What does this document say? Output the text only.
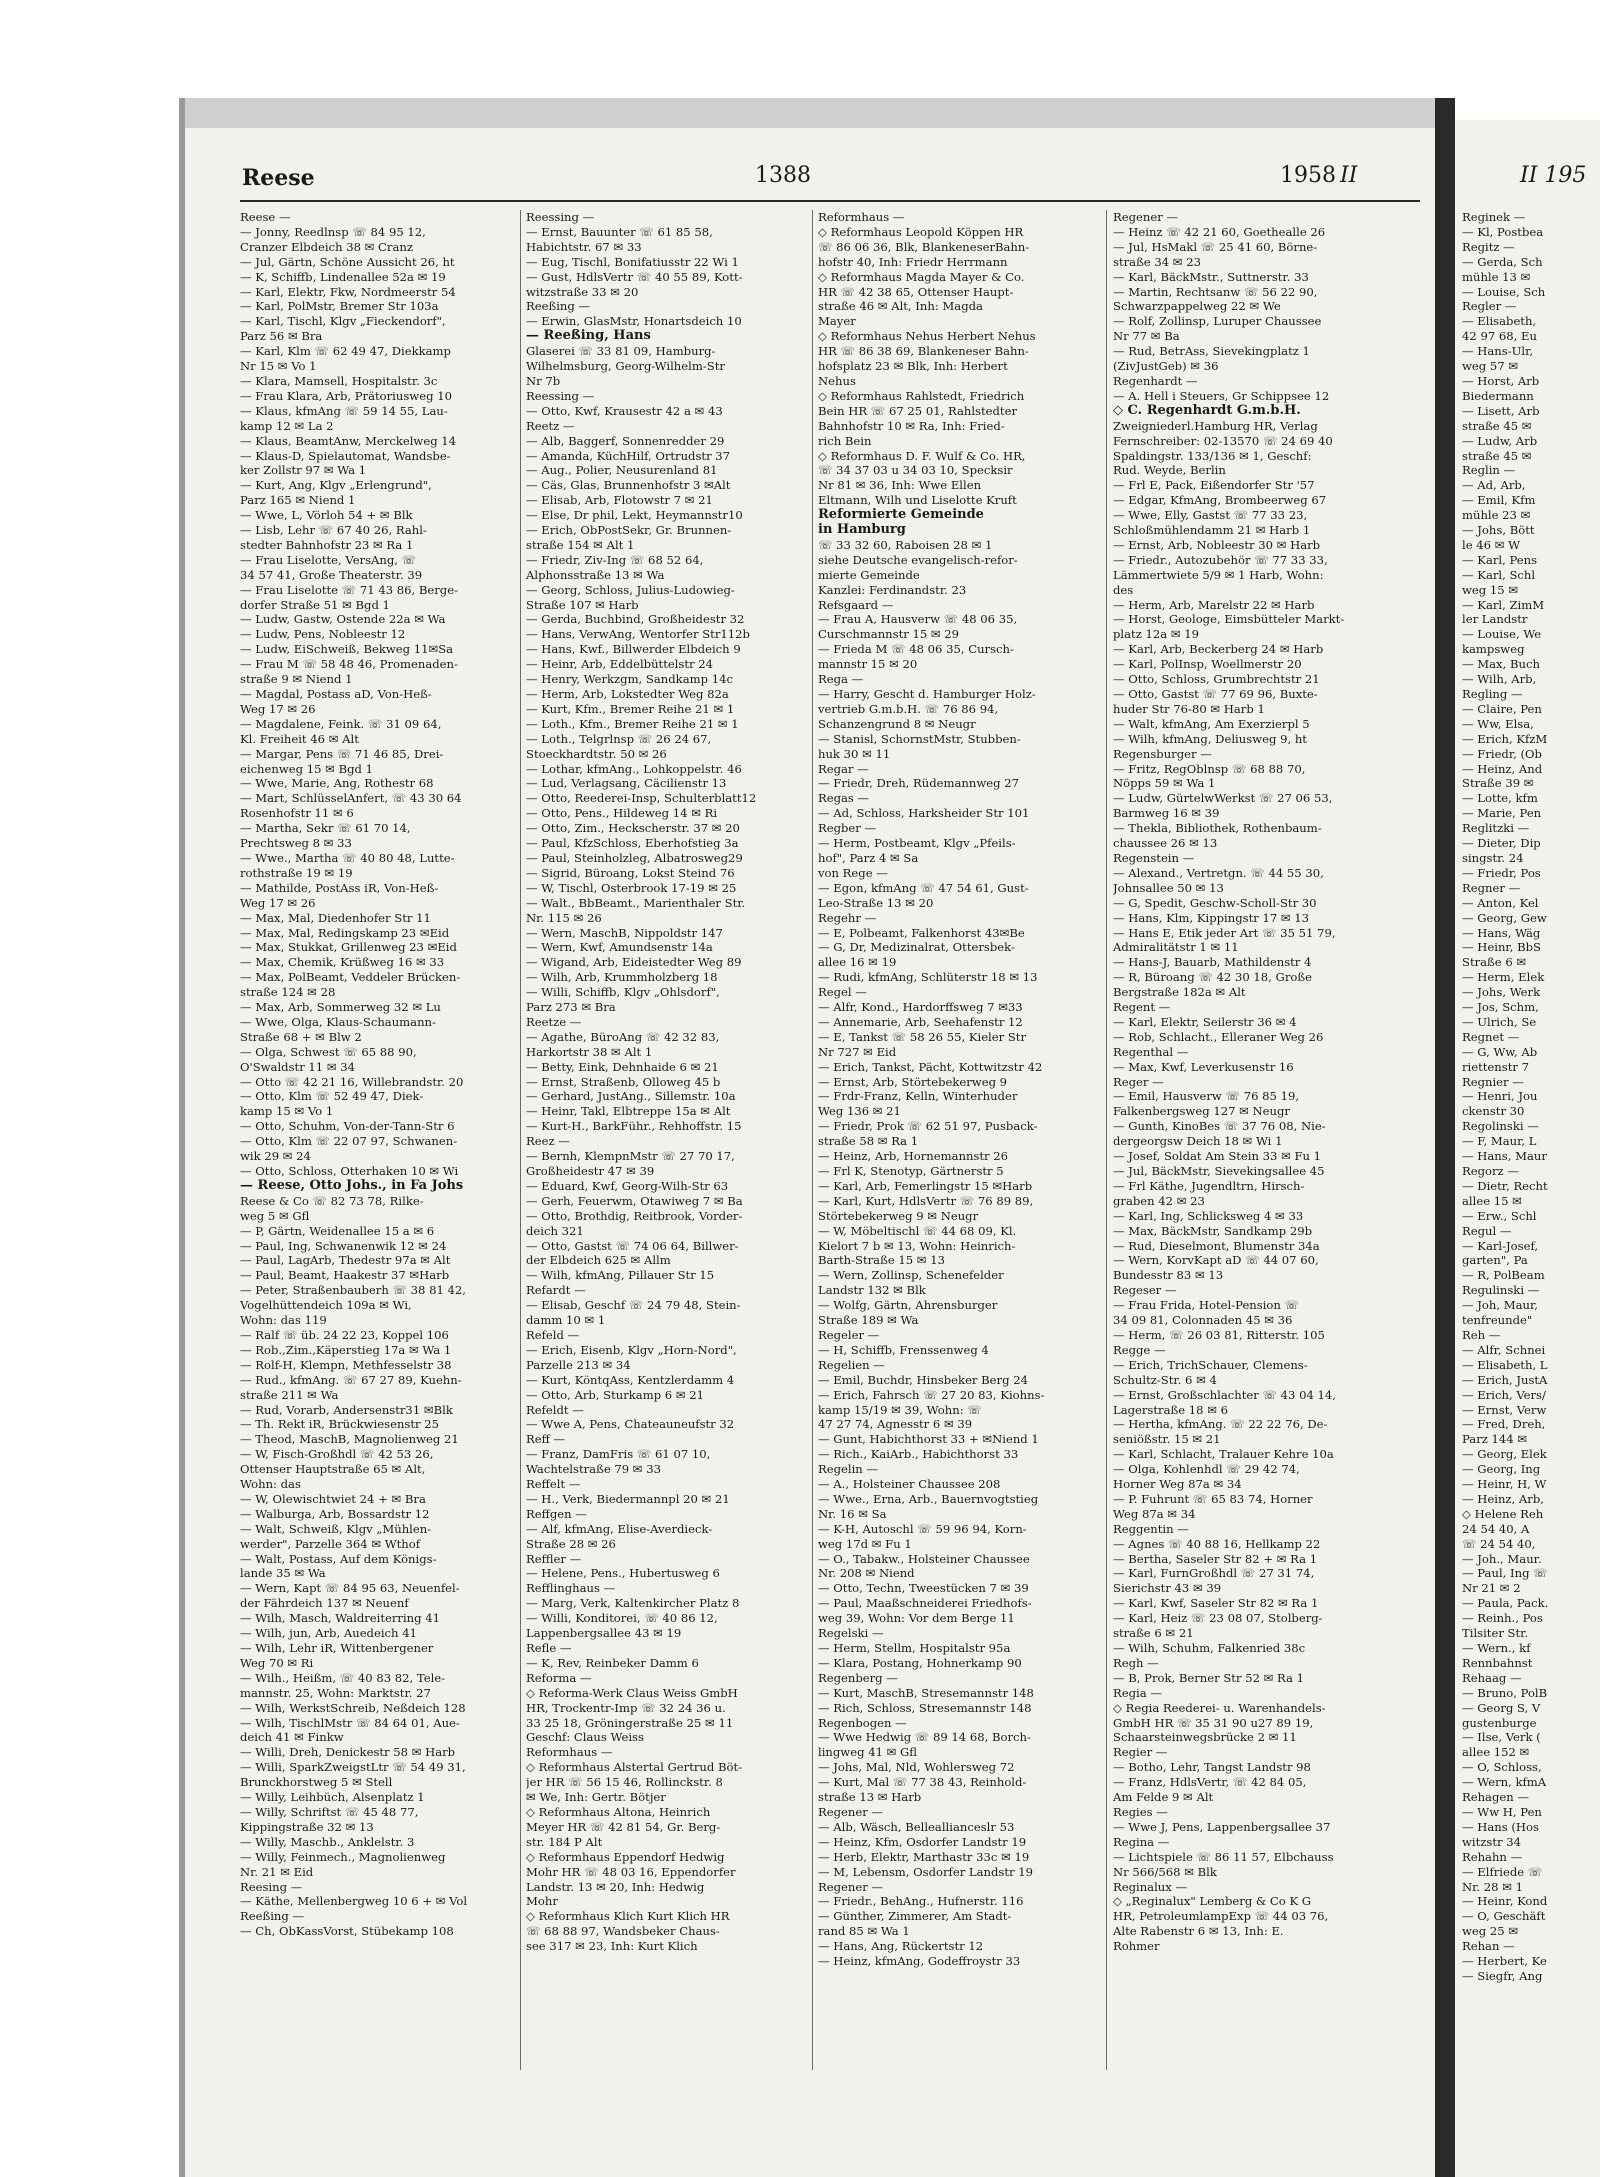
Reese	1388	1958 II	II 195
Reese —
— Jonny, Reedlnsp ☏ 84 95 12,
Cranzer Elbdeich 38 ✉ Cranz
— Jul, Gärtn, Schöne Aussicht 26, ht
— K, Schiffb, Lindenallee 52a ✉ 19
— Karl, Elektr, Fkw, Nordmeerstr 54
— Karl, PolMstr, Bremer Str 103a
— Karl, Tischl, Klgv „Fieckendorf",
Parz 56 ✉ Bra
— Karl, Klm ☏ 62 49 47, Diekkamp
Nr 15 ✉ Vo 1
— Klara, Mamsell, Hospitalstr. 3c
— Frau Klara, Arb, Prätoriusweg 10
— Klaus, kfmAng ☏ 59 14 55, Lau-
kamp 12 ✉ La 2
— Klaus, BeamtAnw, Merckelweg 14
— Klaus-D, Spielautomat, Wandsbe-
ker Zollstr 97 ✉ Wa 1
— Kurt, Ang, Klgv „Erlengrund",
Parz 165 ✉ Niend 1
— Wwe, L, Vörloh 54 + ✉ Blk
— Lisb, Lehr ☏ 67 40 26, Rahl-
stedter Bahnhofstr 23 ✉ Ra 1
— Frau Liselotte, VersAng, ☏
34 57 41, Große Theaterstr. 39
— Frau Liselotte ☏ 71 43 86, Berge-
dorfer Straße 51 ✉ Bgd 1
— Ludw, Gastw, Ostende 22a ✉ Wa
— Ludw, Pens, Nobleestr 12
— Ludw, EiSchweiß, Bekweg 11✉Sa
— Frau M ☏ 58 48 46, Promenaden-
straße 9 ✉ Niend 1
— Magdal, Postass aD, Von-Heß-
Weg 17 ✉ 26
— Magdalene, Feink. ☏ 31 09 64,
Kl. Freiheit 46 ✉ Alt
— Margar, Pens ☏ 71 46 85, Drei-
eichenweg 15 ✉ Bgd 1
— Wwe, Marie, Ang, Rothestr 68
— Mart, SchlüsselAnfert, ☏ 43 30 64
Rosenhofstr 11 ✉ 6
— Martha, Sekr ☏ 61 70 14,
Prechtsweg 8 ✉ 33
— Wwe., Martha ☏ 40 80 48, Lutte-
rothstraße 19 ✉ 19
— Mathilde, PostAss iR, Von-Heß-
Weg 17 ✉ 26
— Max, Mal, Diedenhofer Str 11
— Max, Mal, Redingskamp 23 ✉Eid
— Max, Stukkat, Grillenweg 23 ✉Eid
— Max, Chemik, Krüßweg 16 ✉ 33
— Max, PolBeamt, Veddeler Brücken-
straße 124 ✉ 28
— Max, Arb, Sommerweg 32 ✉ Lu
— Wwe, Olga, Klaus-Schaumann-
Straße 68 + ✉ Blw 2
— Olga, Schwest ☏ 65 88 90,
O'Swaldstr 11 ✉ 34
— Otto ☏ 42 21 16, Willebrandstr. 20
— Otto, Klm ☏ 52 49 47, Diek-
kamp 15 ✉ Vo 1
— Otto, Schuhm, Von-der-Tann-Str 6
— Otto, Klm ☏ 22 07 97, Schwanen-
wik 29 ✉ 24
— Otto, Schloss, Otterhaken 10 ✉ Wi
— Reese, Otto Johs., in Fa Johs
Reese & Co ☏ 82 73 78, Rilke-
weg 5 ✉ Gfl
— P, Gärtn, Weidenallee 15 a ✉ 6
— Paul, Ing, Schwanenwik 12 ✉ 24
— Paul, LagArb, Thedestr 97a ✉ Alt
— Paul, Beamt, Haakestr 37 ✉Harb
— Peter, Straßenbauberh ☏ 38 81 42,
Vogelhüttendeich 109a ✉ Wi,
Wohn: das 119
— Ralf ☏ üb. 24 22 23, Koppel 106
— Rob.,Zim.,Käperstieg 17a ✉ Wa 1
— Rolf-H, Klempn, Methfesselstr 38
— Rud., kfmAng. ☏ 67 27 89, Kuehn-
straße 211 ✉ Wa
— Rud, Vorarb, Andersenstr31 ✉Blk
— Th. Rekt iR, Brückwiesenstr 25
— Theod, MaschB, Magnolienweg 21
— W, Fisch-Großhdl ☏ 42 53 26,
Ottenser Hauptstraße 65 ✉ Alt,
Wohn: das
— W, Olewischtwiet 24 + ✉ Bra
— Walburga, Arb, Bossardstr 12
— Walt, Schweiß, Klgv „Mühlen-
werder", Parzelle 364 ✉ Wthof
— Walt, Postass, Auf dem Königs-
lande 35 ✉ Wa
— Wern, Kapt ☏ 84 95 63, Neuenfel-
der Fährdeich 137 ✉ Neuenf
— Wilh, Masch, Waldreiterring 41
— Wilh, jun, Arb, Auedeich 41
— Wilh, Lehr iR, Wittenbergener
Weg 70 ✉ Ri
— Wilh., Heißm, ☏ 40 83 82, Tele-
mannstr. 25, Wohn: Marktstr. 27
— Wilh, WerkstSchreib, Neßdeich 128
— Wilh, TischlMstr ☏ 84 64 01, Aue-
deich 41 ✉ Finkw
— Willi, Dreh, Denickestr 58 ✉ Harb
— Willi, SparkZweigstLtr ☏ 54 49 31,
Brunckhorstweg 5 ✉ Stell
— Willy, Leihbüch, Alsenplatz 1
— Willy, Schriftst ☏ 45 48 77,
Kippingstraße 32 ✉ 13
— Willy, Maschb., Anklelstr. 3
— Willy, Feinmech., Magnolienweg
Nr. 21 ✉ Eid
Reesing —
— Käthe, Mellenbergweg 10 6 + ✉ Vol
Reeßing —
— Ch, ObKassVorst, Stübekamp 108
Reessing —
— Ernst, Bauunter ☏ 61 85 58,
Habichtstr. 67 ✉ 33
— Eug, Tischl, Bonifatiusstr 22 Wi 1
— Gust, HdlsVertr ☏ 40 55 89, Kott-
witzstraße 33 ✉ 20
Reeßing —
— Erwin, GlasMstr, Honartsdeich 10
— Reeßing, Hans
Glaserei ☏ 33 81 09, Hamburg-
Wilhelmsburg, Georg-Wilhelm-Str
Nr 7b
Reessing —
— Otto, Kwf, Krausestr 42 a ✉ 43
Reetz —
— Alb, Baggerf, Sonnenredder 29
— Amanda, KüchHilf, Ortrudstr 37
— Aug., Polier, Neusurenland 81
— Cäs, Glas, Brunnenhofstr 3 ✉Alt
— Elisab, Arb, Flotowstr 7 ✉ 21
— Else, Dr phil, Lekt, Heymannstr10
— Erich, ObPostSekr, Gr. Brunnen-
straße 154 ✉ Alt 1
— Friedr, Ziv-Ing ☏ 68 52 64,
Alphonsstraße 13 ✉ Wa
— Georg, Schloss, Julius-Ludowieg-
Straße 107 ✉ Harb
— Gerda, Buchbind, Großheidestr 32
— Hans, VerwAng, Wentorfer Str112b
— Hans, Kwf., Billwerder Elbdeich 9
— Heinr, Arb, Eddelbüttelstr 24
— Henry, Werkzgm, Sandkamp 14c
— Herm, Arb, Lokstedter Weg 82a
— Kurt, Kfm., Bremer Reihe 21 ✉ 1
— Loth., Kfm., Bremer Reihe 21 ✉ 1
— Loth., Telgrlnsp ☏ 26 24 67,
Stoeckhardtstr. 50 ✉ 26
— Lothar, kfmAng., Lohkoppelstr. 46
— Lud, Verlagsang, Cäcilienstr 13
— Otto, Reederei-Insp, Schulterblatt12
— Otto, Pens., Hildeweg 14 ✉ Ri
— Otto, Zim., Heckscherstr. 37 ✉ 20
— Paul, KfzSchloss, Eberhofstieg 3a
— Paul, Steinholzleg, Albatrosweg29
— Sigrid, Büroang, Lokst Steind 76
— W, Tischl, Osterbrook 17-19 ✉ 25
— Walt., BbBeamt., Marienthaler Str.
Nr. 115 ✉ 26
— Wern, MaschB, Nippoldstr 147
— Wern, Kwf, Amundsenstr 14a
— Wigand, Arb, Eideistedter Weg 89
— Wilh, Arb, Krummholzberg 18
— Willi, Schiffb, Klgv „Ohlsdorf",
Parz 273 ✉ Bra
Reetze —
— Agathe, BüroAng ☏ 42 32 83,
Harkortstr 38 ✉ Alt 1
— Betty, Eink, Dehnhaide 6 ✉ 21
— Ernst, Straßenb, Olloweg 45 b
— Gerhard, JustAng., Sillemstr. 10a
— Heinr, Takl, Elbtreppe 15a ✉ Alt
— Kurt-H., BarkFühr., Rehhoffstr. 15
Reez —
— Bernh, KlempnMstr ☏ 27 70 17,
Großheidestr 47 ✉ 39
— Eduard, Kwf, Georg-Wilh-Str 63
— Gerh, Feuerwm, Otawiweg 7 ✉ Ba
— Otto, Brothdig, Reitbrook, Vorder-
deich 321
— Otto, Gastst ☏ 74 06 64, Billwer-
der Elbdeich 625 ✉ Allm
— Wilh, kfmAng, Pillauer Str 15
Refardt —
— Elisab, Geschf ☏ 24 79 48, Stein-
damm 10 ✉ 1
Refeld —
— Erich, Eisenb, Klgv „Horn-Nord",
Parzelle 213 ✉ 34
— Kurt, KöntqAss, Kentzlerdamm 4
— Otto, Arb, Sturkamp 6 ✉ 21
Refeldt —
— Wwe A, Pens, Chateauneufstr 32
Reff —
— Franz, DamFris ☏ 61 07 10,
Wachtelstraße 79 ✉ 33
Reffelt —
— H., Verk, Biedermannpl 20 ✉ 21
Reffgen —
— Alf, kfmAng, Elise-Averdieck-
Straße 28 ✉ 26
Reffler —
— Helene, Pens., Hubertusweg 6
Refflinghaus —
— Marg, Verk, Kaltenkircher Platz 8
— Willi, Konditorei, ☏ 40 86 12,
Lappenbergsallee 43 ✉ 19
Refle —
— K, Rev, Reinbeker Damm 6
Reforma —
◇ Reforma-Werk Claus Weiss GmbH
HR, Trockentr-Imp ☏ 32 24 36 u.
33 25 18, Gröningerstraße 25 ✉ 11
Geschf: Claus Weiss
Reformhaus —
◇ Reformhaus Alstertal Gertrud Böt-
jer HR ☏ 56 15 46, Rollinckstr. 8
✉ We, Inh: Gertr. Bötjer
◇ Reformhaus Altona, Heinrich
Meyer HR ☏ 42 81 54, Gr. Berg-
str. 184 P Alt
◇ Reformhaus Eppendorf Hedwig
Mohr HR ☏ 48 03 16, Eppendorfer
Landstr. 13 ✉ 20, Inh: Hedwig
Mohr
◇ Reformhaus Klich Kurt Klich HR
☏ 68 88 97, Wandsbeker Chaus-
see 317 ✉ 23, Inh: Kurt Klich
Reformhaus —
◇ Reformhaus Leopold Köppen HR
☏ 86 06 36, Blk, BlankeneserBahn-
hofstr 40, Inh: Friedr Herrmann
◇ Reformhaus Magda Mayer & Co.
HR ☏ 42 38 65, Ottenser Haupt-
straße 46 ✉ Alt, Inh: Magda
Mayer
◇ Reformhaus Nehus Herbert Nehus
HR ☏ 86 38 69, Blankeneser Bahn-
hofsplatz 23 ✉ Blk, Inh: Herbert
Nehus
◇ Reformhaus Rahlstedt, Friedrich
Bein HR ☏ 67 25 01, Rahlstedter
Bahnhofstr 10 ✉ Ra, Inh: Fried-
rich Bein
◇ Reformhaus D. F. Wulf & Co. HR,
☏ 34 37 03 u 34 03 10, Specksir
Nr 81 ✉ 36, Inh: Wwe Ellen
Eltmann, Wilh und Liselotte Kruft
Reformierte Gemeinde
in Hamburg
☏ 33 32 60, Raboisen 28 ✉ 1
siehe Deutsche evangelisch-refor-
mierte Gemeinde
Kanzlei: Ferdinandstr. 23
Refsgaard —
— Frau A, Hausverw ☏ 48 06 35,
Curschmannstr 15 ✉ 29
— Frieda M ☏ 48 06 35, Cursch-
mannstr 15 ✉ 20
Rega —
— Harry, Gescht d. Hamburger Holz-
vertrieb G.m.b.H. ☏ 76 86 94,
Schanzengrund 8 ✉ Neugr
— Stanisl, SchornstMstr, Stubben-
huk 30 ✉ 11
Regar —
— Friedr, Dreh, Rüdemannweg 27
Regas —
— Ad, Schloss, Harksheider Str 101
Regber —
— Herm, Postbeamt, Klgv „Pfeils-
hof", Parz 4 ✉ Sa
von Rege —
— Egon, kfmAng ☏ 47 54 61, Gust-
Leo-Straße 13 ✉ 20
Regehr —
— E, Polbeamt, Falkenhorst 43✉Be
— G, Dr, Medizinalrat, Ottersbek-
allee 16 ✉ 19
— Rudi, kfmAng, Schlüterstr 18 ✉ 13
Regel —
— Alfr, Kond., Hardorffsweg 7 ✉33
— Annemarie, Arb, Seehafenstr 12
— E, Tankst ☏ 58 26 55, Kieler Str
Nr 727 ✉ Eid
— Erich, Tankst, Pächt, Kottwitzstr 42
— Ernst, Arb, Störtebekerweg 9
— Frdr-Franz, Kelln, Winterhuder
Weg 136 ✉ 21
— Friedr, Prok ☏ 62 51 97, Pusback-
straße 58 ✉ Ra 1
— Heinz, Arb, Hornemannstr 26
— Frl K, Stenotyp, Gärtnerstr 5
— Karl, Arb, Femerlingstr 15 ✉Harb
— Karl, Kurt, HdlsVertr ☏ 76 89 89,
Störtebekerweg 9 ✉ Neugr
— W, Möbeltischl ☏ 44 68 09, Kl.
Kielort 7 b ✉ 13, Wohn: Heinrich-
Barth-Straße 15 ✉ 13
— Wern, Zollinsp, Schenefelder
Landstr 132 ✉ Blk
— Wolfg, Gärtn, Ahrensburger
Straße 189 ✉ Wa
Regeler —
— H, Schiffb, Frenssenweg 4
Regelien —
— Emil, Buchdr, Hinsbeker Berg 24
— Erich, Fahrsch ☏ 27 20 83, Kiohns-
kamp 15/19 ✉ 39, Wohn: ☏
47 27 74, Agnesstr 6 ✉ 39
— Gunt, Habichthorst 33 + ✉Niend 1
— Rich., KaiArb., Habichthorst 33
Regelin —
— A., Holsteiner Chaussee 208
— Wwe., Erna, Arb., Bauernvogtstieg
Nr. 16 ✉ Sa
— K-H, Autoschl ☏ 59 96 94, Korn-
weg 17d ✉ Fu 1
— O., Tabakw., Holsteiner Chaussee
Nr. 208 ✉ Niend
— Otto, Techn, Tweestücken 7 ✉ 39
— Paul, Maaßschneiderei Friedhofs-
weg 39, Wohn: Vor dem Berge 11
Regelski —
— Herm, Stellm, Hospitalstr 95a
— Klara, Postang, Hohnerkamp 90
Regenberg —
— Kurt, MaschB, Stresemannstr 148
— Rich, Schloss, Stresemannstr 148
Regenbogen —
— Wwe Hedwig ☏ 89 14 68, Borch-
lingweg 41 ✉ Gfl
— Johs, Mal, Nld, Wohlersweg 72
— Kurt, Mal ☏ 77 38 43, Reinhold-
straße 13 ✉ Harb
Regener —
— Alb, Wäsch, Belleallianceslr 53
— Heinz, Kfm, Osdorfer Landstr 19
— Herb, Elektr, Marthastr 33c ✉ 19
— M, Lebensm, Osdorfer Landstr 19
Regener —
— Friedr., BehAng., Hufnerstr. 116
— Günther, Zimmerer, Am Stadt-
rand 85 ✉ Wa 1
— Hans, Ang, Rückertstr 12
— Heinz, kfmAng, Godeffroystr 33
Regener —
— Heinz ☏ 42 21 60, Goethealle 26
— Jul, HsMakl ☏ 25 41 60, Börne-
straße 34 ✉ 23
— Karl, BäckMstr., Suttnerstr. 33
— Martin, Rechtsanw ☏ 56 22 90,
Schwarzpappelweg 22 ✉ We
— Rolf, Zollinsp, Luruper Chaussee
Nr 77 ✉ Ba
— Rud, BetrAss, Sievekingplatz 1
(ZivJustGeb) ✉ 36
Regenhardt —
— A. Hell i Steuers, Gr Schippsee 12
◇ C. Regenhardt G.m.b.H.
Zweigniederl.Hamburg HR, Verlag
Fernschreiber: 02-13570 ☏ 24 69 40
Spaldingstr. 133/136 ✉ 1, Geschf:
Rud. Weyde, Berlin
— Frl E, Pack, Eißendorfer Str '57
— Edgar, KfmAng, Brombeerweg 67
— Wwe, Elly, Gastst ☏ 77 33 23,
Schloßmühlendamm 21 ✉ Harb 1
— Ernst, Arb, Nobleestr 30 ✉ Harb
— Friedr., Autozubehör ☏ 77 33 33,
Lämmertwiete 5/9 ✉ 1 Harb, Wohn:
des
— Herm, Arb, Marelstr 22 ✉ Harb
— Horst, Geologe, Eimsbütteler Markt-
platz 12a ✉ 19
— Karl, Arb, Beckerberg 24 ✉ Harb
— Karl, PolInsp, Woellmerstr 20
— Otto, Schloss, Grumbrechtstr 21
— Otto, Gastst ☏ 77 69 96, Buxte-
huder Str 76-80 ✉ Harb 1
— Walt, kfmAng, Am Exerzierpl 5
— Wilh, kfmAng, Deliusweg 9, ht
Regensburger —
— Fritz, RegOblnsp ☏ 68 88 70,
Nöpps 59 ✉ Wa 1
— Ludw, GürtelwWerkst ☏ 27 06 53,
Barmweg 16 ✉ 39
— Thekla, Bibliothek, Rothenbaum-
chaussee 26 ✉ 13
Regenstein —
— Alexand., Vertretgn. ☏ 44 55 30,
Johnsallee 50 ✉ 13
— G, Spedit, Geschw-Scholl-Str 30
— Hans, Klm, Kippingstr 17 ✉ 13
— Hans E, Etik jeder Art ☏ 35 51 79,
Admiralitätstr 1 ✉ 11
— Hans-J, Bauarb, Mathildenstr 4
— R, Büroang ☏ 42 30 18, Große
Bergstraße 182a ✉ Alt
Regent —
— Karl, Elektr, Seilerstr 36 ✉ 4
— Rob, Schlacht., Elleraner Weg 26
Regenthal —
— Max, Kwf, Leverkusenstr 16
Reger —
— Emil, Hausverw ☏ 76 85 19,
Falkenbergsweg 127 ✉ Neugr
— Gunth, KinoBes ☏ 37 76 08, Nie-
dergeorgsw Deich 18 ✉ Wi 1
— Josef, Soldat Am Stein 33 ✉ Fu 1
— Jul, BäckMstr, Sievekingsallee 45
— Frl Käthe, Jugendltrn, Hirsch-
graben 42 ✉ 23
— Karl, Ing, Schlicksweg 4 ✉ 33
— Max, BäckMstr, Sandkamp 29b
— Rud, Dieselmont, Blumenstr 34a
— Wern, KorvKapt aD ☏ 44 07 60,
Bundesstr 83 ✉ 13
Regeser —
— Frau Frida, Hotel-Pension ☏
34 09 81, Colonnaden 45 ✉ 36
— Herm, ☏ 26 03 81, Ritterstr. 105
Regge —
— Erich, TrichSchauer, Clemens-
Schultz-Str. 6 ✉ 4
— Ernst, Großschlachter ☏ 43 04 14,
Lagerstraße 18 ✉ 6
— Hertha, kfmAng. ☏ 22 22 76, De-
seniößstr. 15 ✉ 21
— Karl, Schlacht, Tralauer Kehre 10a
— Olga, Kohlenhdl ☏ 29 42 74,
Horner Weg 87a ✉ 34
— P. Fuhrunt ☏ 65 83 74, Horner
Weg 87a ✉ 34
Reggentin —
— Agnes ☏ 40 88 16, Hellkamp 22
— Bertha, Saseler Str 82 + ✉ Ra 1
— Karl, FurnGroßhdl ☏ 27 31 74,
Sierichstr 43 ✉ 39
— Karl, Kwf, Saseler Str 82 ✉ Ra 1
— Karl, Heiz ☏ 23 08 07, Stolberg-
straße 6 ✉ 21
— Wilh, Schuhm, Falkenried 38c
Regh —
— B, Prok, Berner Str 52 ✉ Ra 1
Regia —
◇ Regia Reederei- u. Warenhandels-
GmbH HR ☏ 35 31 90 u27 89 19,
Schaarsteinwegsbrücke 2 ✉ 11
Regier —
— Botho, Lehr, Tangst Landstr 98
— Franz, HdlsVertr, ☏ 42 84 05,
Am Felde 9 ✉ Alt
Regies —
— Wwe J, Pens, Lappenbergsallee 37
Regina —
— Lichtspiele ☏ 86 11 57, Elbchauss
Nr 566/568 ✉ Blk
Reginalux —
◇ „Reginalux" Lemberg & Co K G
HR, PetroleumlampExp ☏ 44 03 76,
Alte Rabenstr 6 ✉ 13, Inh: E.
Rohmer
Reginek —
— Kl, Postbea
Regitz —
— Gerda, Sch
mühle 13 ✉
— Louise, Sch
Regler —
— Elisabeth,
42 97 68, Eu
— Hans-Ulr,
weg 57 ✉
— Horst, Arb
Biedermann
— Lisett, Arb
straße 45 ✉
— Ludw, Arb
straße 45 ✉
Reglin —
— Ad, Arb,
— Emil, Kfm
mühle 23 ✉
— Johs, Bött
le 46 ✉ W
— Karl, Pens
— Karl, Schl
weg 15 ✉
— Karl, ZimM
ler Landstr
— Louise, We
kampsweg
— Max, Buch
— Wilh, Arb,
Regling —
— Claire, Pen
— Ww, Elsa,
— Erich, KfzM
— Friedr, (Ob
— Heinz, And
Straße 39 ✉
— Lotte, kfm
— Marie, Pen
Reglitzki —
— Dieter, Dip
singstr. 24
— Friedr, Pos
Regner —
— Anton, Kel
— Georg, Gew
— Hans, Wäg
— Heinr, BbS
Straße 6 ✉
— Herm, Elek
— Johs, Werk
— Jos, Schm,
— Ulrich, Se
Regnet —
— G, Ww, Ab
riettenstr 7
Regnier —
— Henri, Jou
ckenstr 30
Regolinski —
— F, Maur, L
— Hans, Maur
Regorz —
— Dietr, Recht
allee 15 ✉
— Erw., Schl
Regul —
— Karl-Josef,
garten", Pa
— R, PolBeam
Regulinski —
— Joh, Maur,
tenfreunde"
Reh —
— Alfr, Schnei
— Elisabeth, L
— Erich, JustA
— Erich, Vers/
— Ernst, Verw
— Fred, Dreh,
Parz 144 ✉
— Georg, Elek
— Georg, Ing
— Heinr, H, W
— Heinz, Arb,
◇ Helene Reh
24 54 40, A
☏ 24 54 40,
— Joh., Maur.
— Paul, Ing ☏
Nr 21 ✉ 2
— Paula, Pack.
— Reinh., Pos
Tilsiter Str.
— Wern., kf
Rennbahnst
Rehaag —
— Bruno, PolB
— Georg S, V
gustenburge
— Ilse, Verk (
allee 152 ✉
— O, Schloss,
— Wern, kfmA
Rehagen —
— Ww H, Pen
— Hans (Hos
witzstr 34
Rehahn —
— Elfriede ☏
Nr. 28 ✉ 1
— Heinr, Kond
— O, Geschäft
weg 25 ✉
Rehan —
— Herbert, Ke
— Siegfr, Ang
